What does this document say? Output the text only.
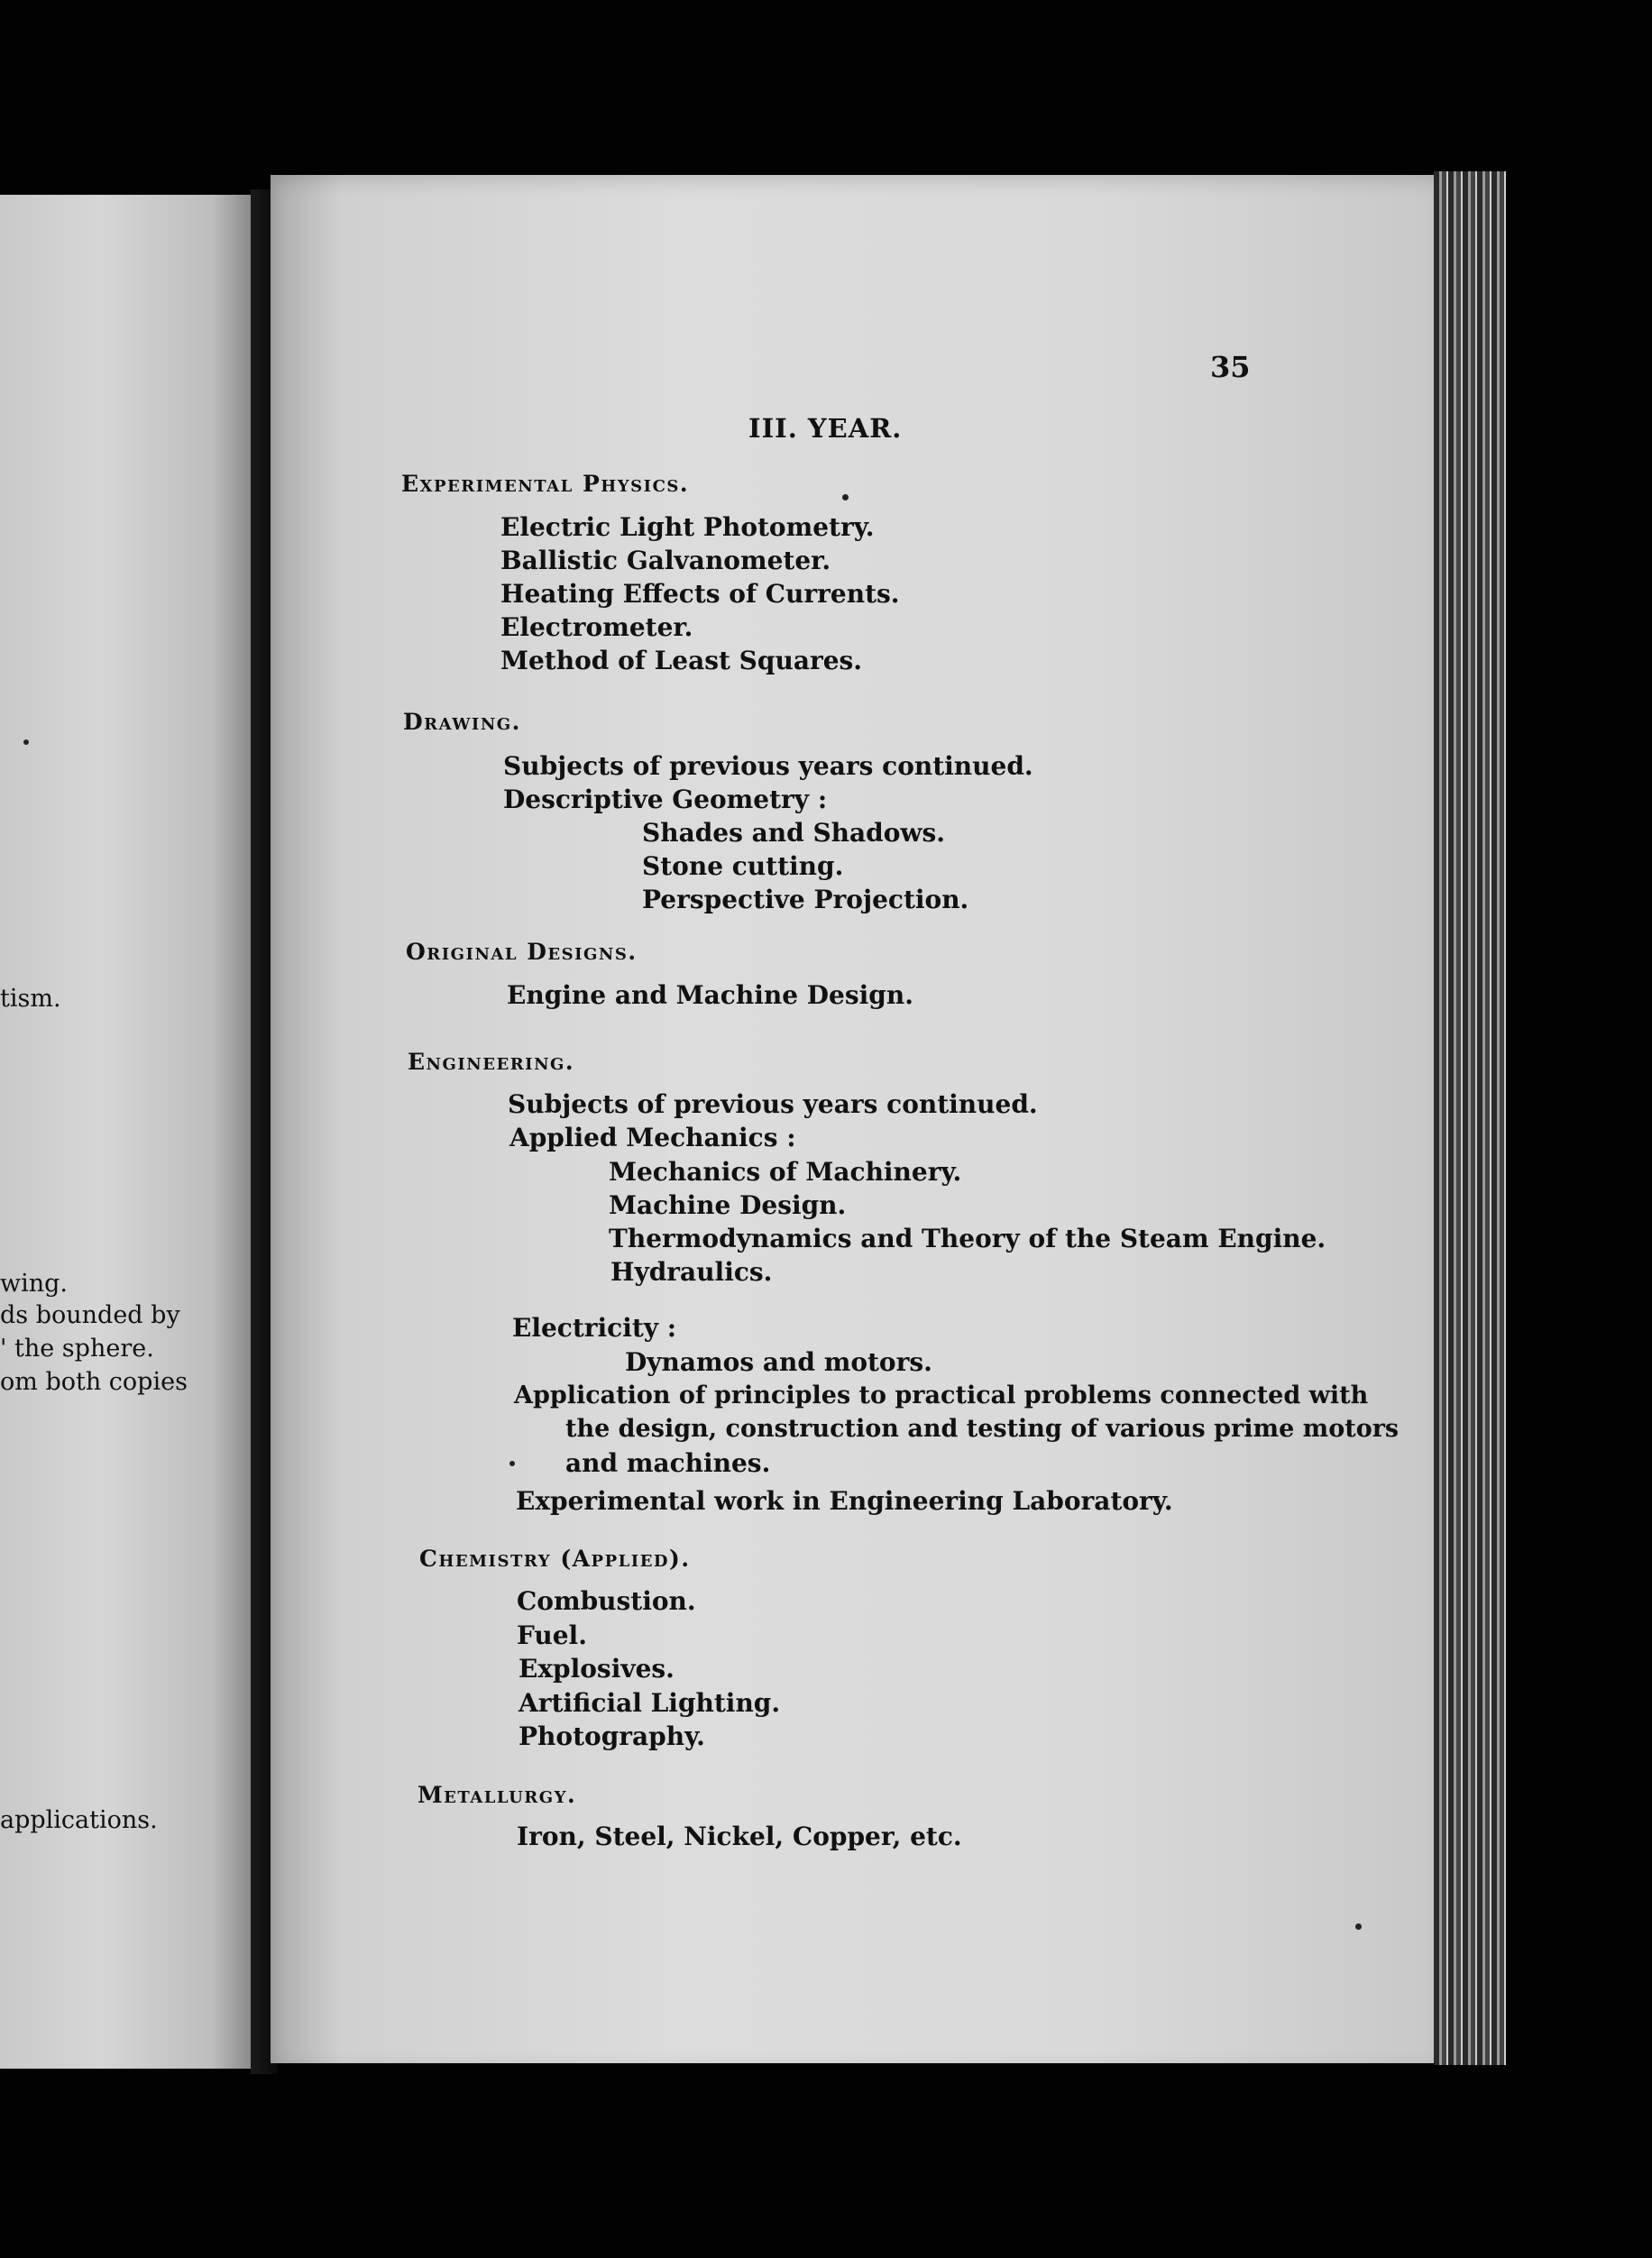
tism.
wing.
ds bounded by
' the sphere.
om both copies
applications.
35
III. YEAR.
Experimental Physics.
Electric Light Photometry.
Ballistic Galvanometer.
Heating Effects of Currents.
Electrometer.
Method of Least Squares.
Drawing.
Subjects of previous years continued.
Descriptive Geometry :
Shades and Shadows.
Stone cutting.
Perspective Projection.
Original Designs.
Engine and Machine Design.
Engineering.
Subjects of previous years continued.
Applied Mechanics :
Mechanics of Machinery.
Machine Design.
Thermodynamics and Theory of the Steam Engine.
Hydraulics.
Electricity :
Dynamos and motors.
Application of principles to practical problems connected with
the design, construction and testing of various prime motors
and machines.
Experimental work in Engineering Laboratory.
Chemistry (Applied).
Combustion.
Fuel.
Explosives.
Artificial Lighting.
Photography.
Metallurgy.
Iron, Steel, Nickel, Copper, etc.
